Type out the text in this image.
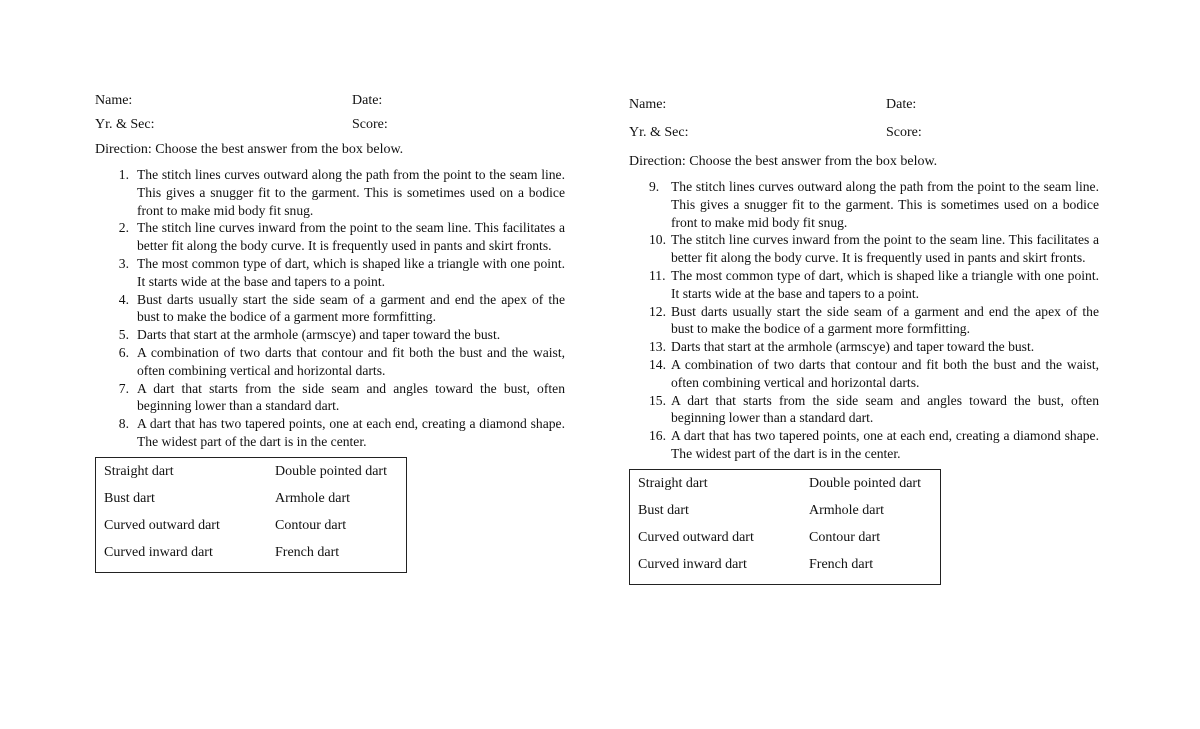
Name:	Date:
Yr. & Sec:	Score:
Direction: Choose the best answer from the box below.
1. The stitch lines curves outward along the path from the point to the seam line. This gives a snugger fit to the garment. This is sometimes used on a bodice front to make mid body fit snug.
2. The stitch line curves inward from the point to the seam line. This facilitates a better fit along the body curve. It is frequently used in pants and skirt fronts.
3. The most common type of dart, which is shaped like a triangle with one point. It starts wide at the base and tapers to a point.
4. Bust darts usually start the side seam of a garment and end the apex of the bust to make the bodice of a garment more formfitting.
5. Darts that start at the armhole (armscye) and taper toward the bust.
6. A combination of two darts that contour and fit both the bust and the waist, often combining vertical and horizontal darts.
7. A dart that starts from the side seam and angles toward the bust, often beginning lower than a standard dart.
8. A dart that has two tapered points, one at each end, creating a diamond shape. The widest part of the dart is in the center.
Straight dart	Double pointed dart
Bust dart	Armhole dart
Curved outward dart	Contour dart
Curved inward dart	French dart
Name:	Date:
Yr. & Sec:	Score:
Direction: Choose the best answer from the box below.
9. The stitch lines curves outward along the path from the point to the seam line. This gives a snugger fit to the garment. This is sometimes used on a bodice front to make mid body fit snug.
10. The stitch line curves inward from the point to the seam line. This facilitates a better fit along the body curve. It is frequently used in pants and skirt fronts.
11. The most common type of dart, which is shaped like a triangle with one point. It starts wide at the base and tapers to a point.
12. Bust darts usually start the side seam of a garment and end the apex of the bust to make the bodice of a garment more formfitting.
13. Darts that start at the armhole (armscye) and taper toward the bust.
14. A combination of two darts that contour and fit both the bust and the waist, often combining vertical and horizontal darts.
15. A dart that starts from the side seam and angles toward the bust, often beginning lower than a standard dart.
16. A dart that has two tapered points, one at each end, creating a diamond shape. The widest part of the dart is in the center.
Straight dart	Double pointed dart
Bust dart	Armhole dart
Curved outward dart	Contour dart
Curved inward dart	French dart
